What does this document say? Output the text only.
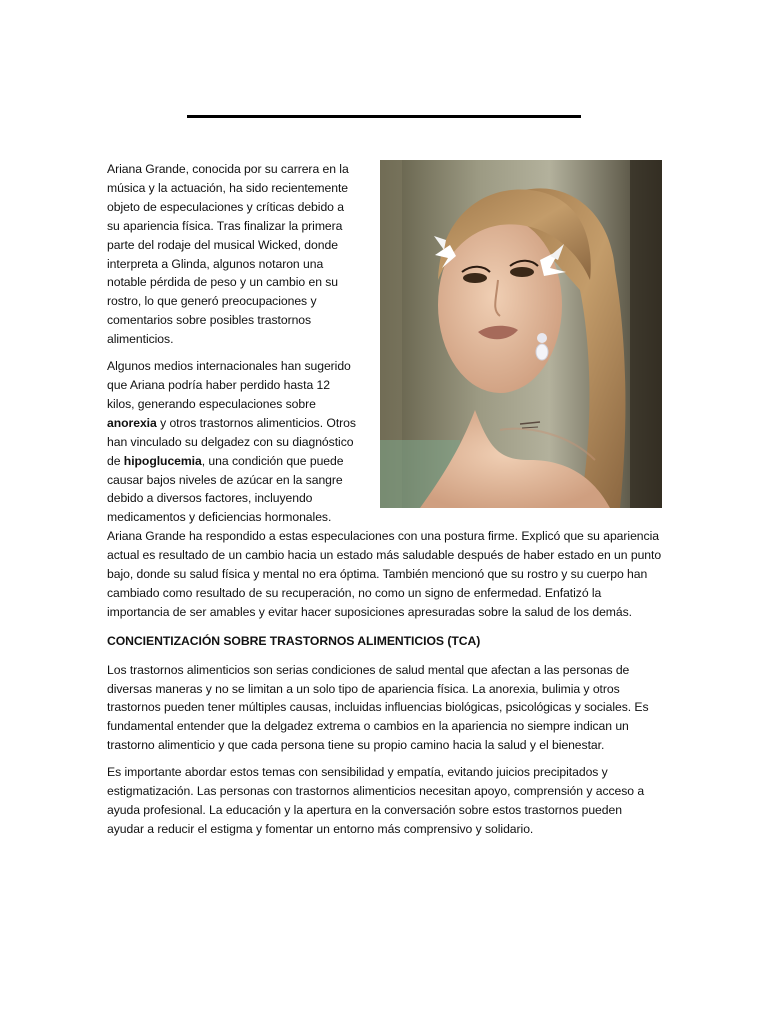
Ariana Grande, conocida por su carrera en la música y la actuación, ha sido recientemente objeto de especulaciones y críticas debido a su apariencia física. Tras finalizar la primera parte del rodaje del musical Wicked, donde interpreta a Glinda, algunos notaron una notable pérdida de peso y un cambio en su rostro, lo que generó preocupaciones y comentarios sobre posibles trastornos alimenticios.

Algunos medios internacionales han sugerido que Ariana podría haber perdido hasta 12 kilos, generando especulaciones sobre anorexia y otros trastornos alimenticios. Otros han vinculado su delgadez con su diagnóstico de hipoglucemia, una condición que puede causar bajos niveles de azúcar en la sangre debido a diversos factores, incluyendo medicamentos y deficiencias hormonales. Ariana Grande ha respondido a estas especulaciones con una postura firme. Explicó que su apariencia actual es resultado de un cambio hacia un estado más saludable después de haber estado en un punto bajo, donde su salud física y mental no era óptima. También mencionó que su rostro y su cuerpo han cambiado como resultado de su recuperación, no como un signo de enfermedad. Enfatizó la importancia de ser amables y evitar hacer suposiciones apresuradas sobre la salud de los demás.

CONCIENTIZACIÓN SOBRE TRASTORNOS ALIMENTICIOS (TCA)

Los trastornos alimenticios son serias condiciones de salud mental que afectan a las personas de diversas maneras y no se limitan a un solo tipo de apariencia física. La anorexia, bulimia y otros trastornos pueden tener múltiples causas, incluidas influencias biológicas, psicológicas y sociales. Es fundamental entender que la delgadez extrema o cambios en la apariencia no siempre indican un trastorno alimenticio y que cada persona tiene su propio camino hacia la salud y el bienestar.

Es importante abordar estos temas con sensibilidad y empatía, evitando juicios precipitados y estigmatización. Las personas con trastornos alimenticios necesitan apoyo, comprensión y acceso a ayuda profesional. La educación y la apertura en la conversación sobre estos trastornos pueden ayudar a reducir el estigma y fomentar un entorno más comprensivo y solidario.
